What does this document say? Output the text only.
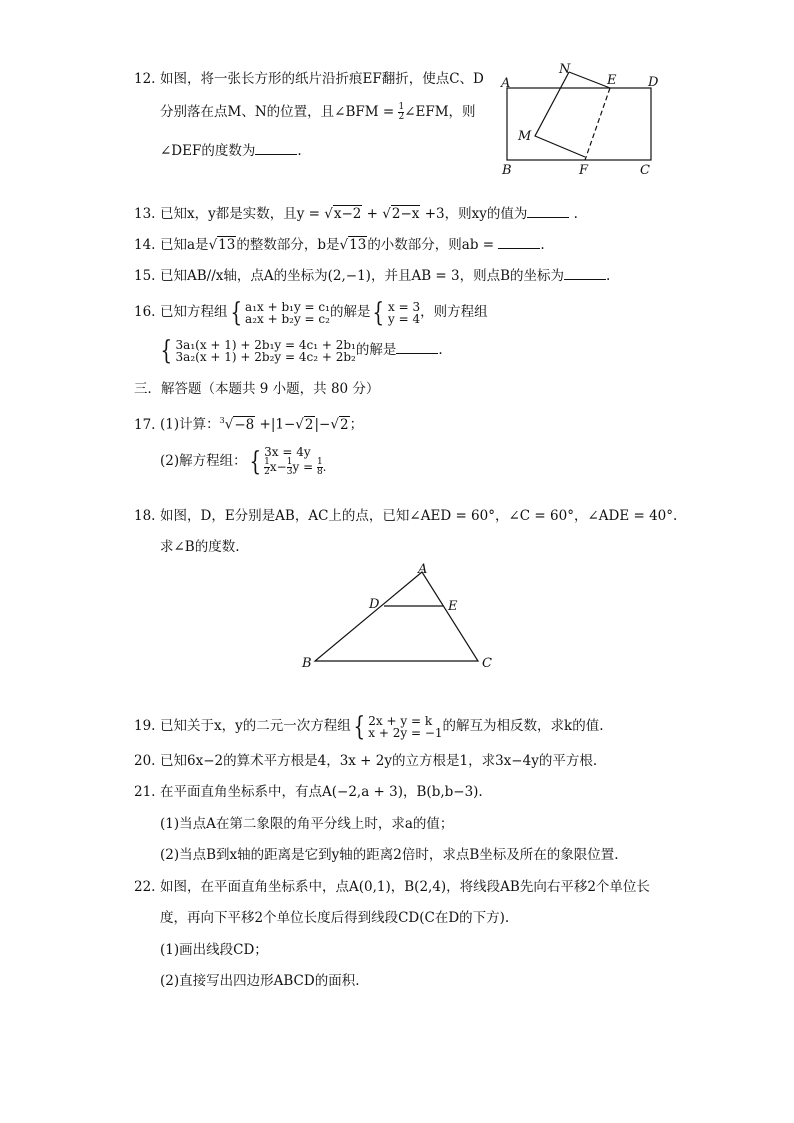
12. 如图，将一张长方形的纸片沿折痕EF翻折，使点C、D
分别落在点M、N的位置，且∠BFM = $\frac{1}{2}$ ∠EFM，则
∠DEF的度数为	.
A
N
E D
M
B	F	C
13. 已知x，y都是实数，且y = √x−2 + √2−x +3，则xy的值为	.
14. 已知a是√13的整数部分，b是√13的小数部分，则ab =	.
15. 已知AB//x轴，点A的坐标为(2,−1)，并且AB = 3，则点B的坐标为	.
16. 已知方程组 { a₁x + b₁y = c₁
a₂x + b₂y = c₂ 的解是 { x = 3
y = 4 ，则方程组
{ 3a₁(x + 1) + 2b₁y = 4c₁ + 2b₁
3a₂(x + 1) + 2b₂y = 4c₂ + 2b₂ 的解是	.
三．解答题（本题共 9 小题，共 80 分）
17. (1)计算：$^3$√−8 +|1−√2|−√2；
(2)解方程组： { 3x = 4y
$\frac{1}{2} x- \frac{1}{3}$ $y = \frac{1}{8}$ .
18. 如图，D，E分别是AB，AC上的点，已知∠AED = 60°，∠C = 60°，∠ADE = 40°.
求∠B的度数.
A
D	E
B	C
19. 已知关于x，y的二元一次方程组 { 2x + y = k
x + 2y = −1 的解互为相反数，求k的值.
20. 已知6x−2的算术平方根是4，3x + 2y的立方根是1，求3x−4y的平方根.
21. 在平面直角坐标系中，有点A(−2,a + 3)，B(b,b−3).
(1)当点A在第二象限的角平分线上时，求a的值；
(2)当点B到x轴的距离是它到y轴的距离2倍时，求点B坐标及所在的象限位置.
22. 如图，在平面直角坐标系中，点A(0,1)，B(2,4)，将线段AB先向右平移2个单位长
度，再向下平移2个单位长度后得到线段CD(C在D的下方).
(1)画出线段CD；
(2)直接写出四边形ABCD的面积.
